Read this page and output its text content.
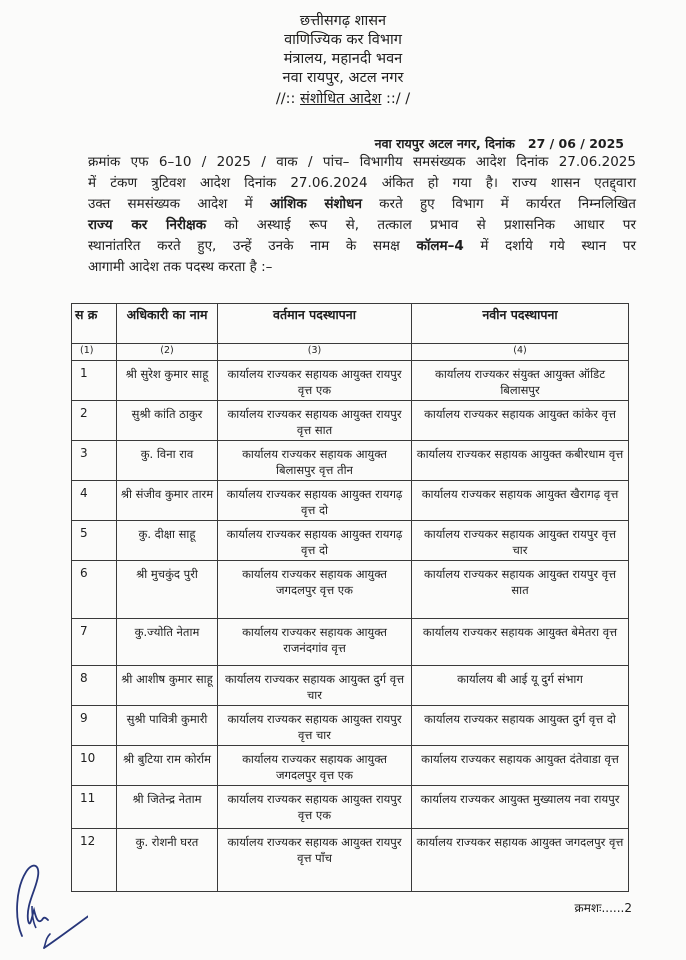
छत्तीसगढ़ शासन
वाणिज्यिक कर विभाग
मंत्रालय, महानदी भवन
नवा रायपुर, अटल नगर
//:: संशोधित आदेश ::/ /
नवा रायपुर अटल नगर, दिनांक 27 / 06 / 2025
क्रमांक एफ 6–10 / 2025 / वाक / पांच– विभागीय समसंख्यक आदेश दिनांक 27.06.2025
में टंकण त्रुटिवश आदेश दिनांक 27.06.2024 अंकित हो गया है। राज्य शासन एतद्द्वारा
उक्त समसंख्यक आदेश में आंशिक संशोधन करते हुए विभाग में कार्यरत निम्नलिखित
राज्य कर निरीक्षक को अस्थाई रूप से, तत्काल प्रभाव से प्रशासनिक आधार पर
स्थानांतरित करते हुए, उन्हें उनके नाम के समक्ष कॉलम–4 में दर्शाये गये स्थान पर
आगामी आदेश तक पदस्थ करता है :–
स क्र	अधिकारी का नाम	वर्तमान पदस्थापना	नवीन पदस्थापना
(1)	(2)	(3)	(4)
1	श्री सुरेश कुमार साहू	कार्यालय राज्यकर सहायक आयुक्त रायपुर वृत्त एक	कार्यालय राज्यकर संयुक्त आयुक्त ऑडिट बिलासपुर
2	सुश्री कांति ठाकुर	कार्यालय राज्यकर सहायक आयुक्त रायपुर वृत्त सात	कार्यालय राज्यकर सहायक आयुक्त कांकेर वृत्त
3	कु. विना राव	कार्यालय राज्यकर सहायक आयुक्त बिलासपुर वृत्त तीन	कार्यालय राज्यकर सहायक आयुक्त कबीरधाम वृत्त
4	श्री संजीव कुमार तारम	कार्यालय राज्यकर सहायक आयुक्त रायगढ़ वृत्त दो	कार्यालय राज्यकर सहायक आयुक्त खैरागढ़ वृत्त
5	कु. दीक्षा साहू	कार्यालय राज्यकर सहायक आयुक्त रायगढ़ वृत्त दो	कार्यालय राज्यकर सहायक आयुक्त रायपुर वृत्त चार
6	श्री मुचकुंद पुरी	कार्यालय राज्यकर सहायक आयुक्त जगदलपुर वृत्त एक	कार्यालय राज्यकर सहायक आयुक्त रायपुर वृत्त सात
7	कु.ज्योति नेताम	कार्यालय राज्यकर सहायक आयुक्त राजनंदगांव वृत्त	कार्यालय राज्यकर सहायक आयुक्त बेमेतरा वृत्त
8	श्री आशीष कुमार साहू	कार्यालय राज्यकर सहायक आयुक्त दुर्ग वृत्त चार	कार्यालय बी आई यू दुर्ग संभाग
9	सुश्री पावित्री कुमारी	कार्यालय राज्यकर सहायक आयुक्त रायपुर वृत्त चार	कार्यालय राज्यकर सहायक आयुक्त दुर्ग वृत्त दो
10	श्री बुटिया राम कोर्राम	कार्यालय राज्यकर सहायक आयुक्त जगदलपुर वृत्त एक	कार्यालय राज्यकर सहायक आयुक्त दंतेवाडा वृत्त
11	श्री जितेन्द्र नेताम	कार्यालय राज्यकर सहायक आयुक्त रायपुर वृत्त एक	कार्यालय राज्यकर आयुक्त मुख्यालय नवा रायपुर
12	कु. रोशनी घरत	कार्यालय राज्यकर सहायक आयुक्त रायपुर वृत्त पाँच	कार्यालय राज्यकर सहायक आयुक्त जगदलपुर वृत्त
क्रमशः......2
